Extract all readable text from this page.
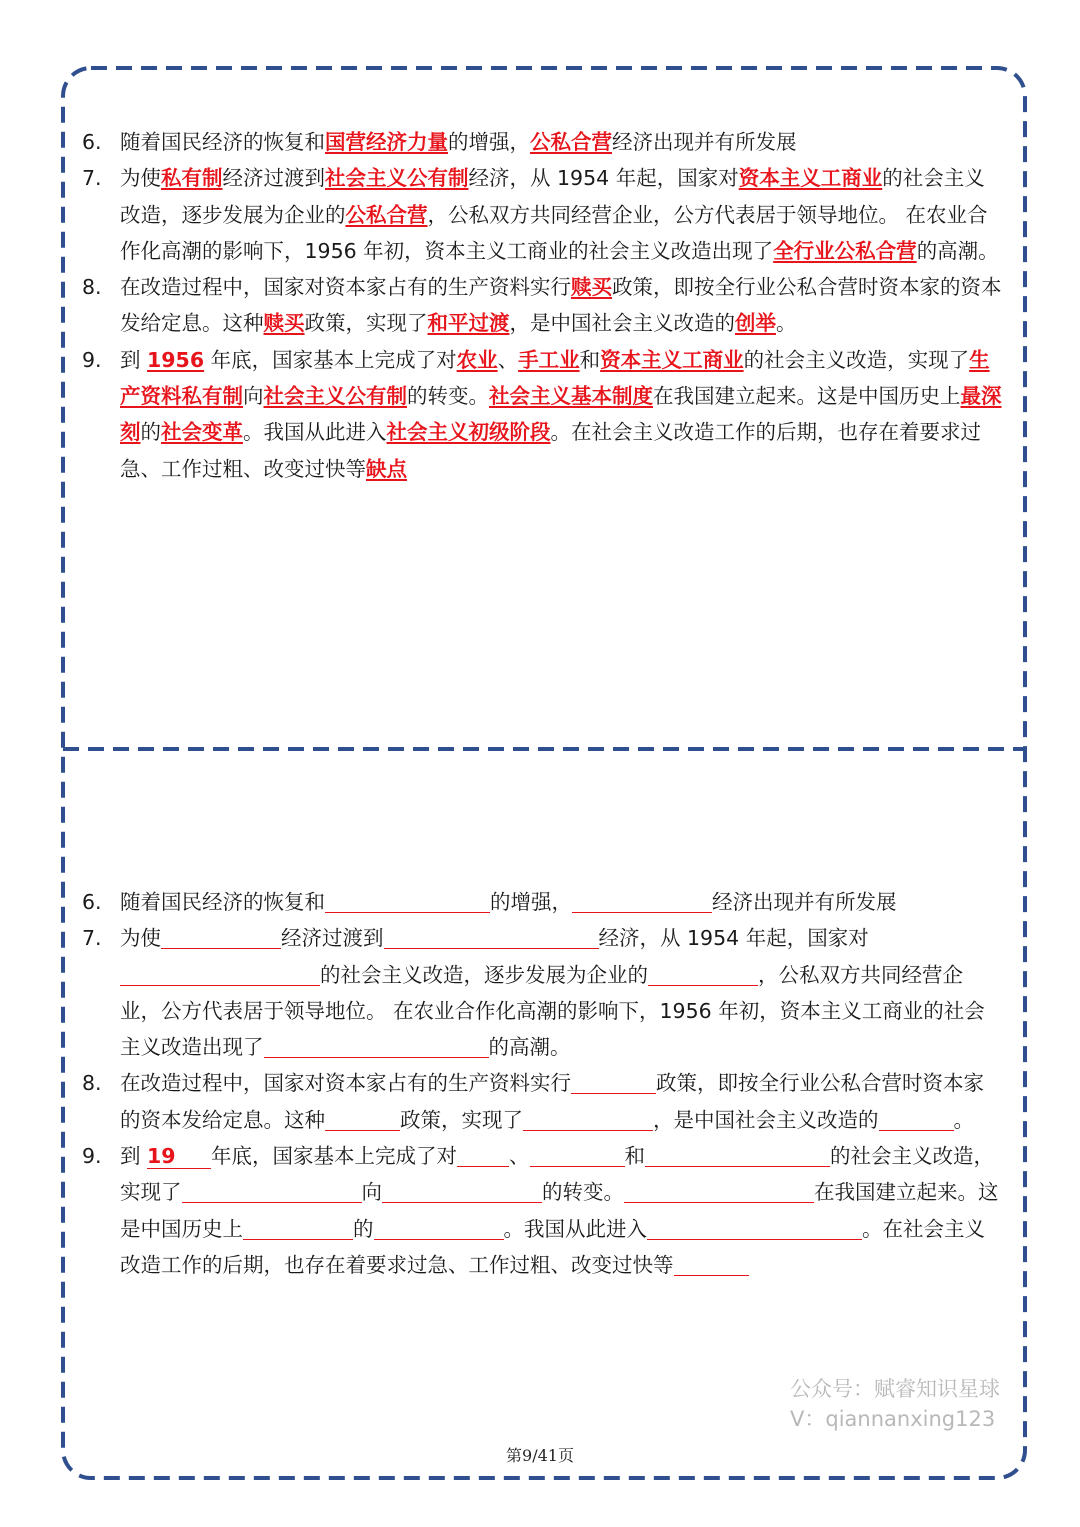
6. 随着国民经济的恢复和国营经济力量的增强，公私合营经济出现并有所发展
7. 为使私有制经济过渡到社会主义公有制经济，从 1954 年起，国家对资本主义工商业的社会主义改造，逐步发展为企业的公私合营，公私双方共同经营企业，公方代表居于领导地位。 在农业合作化高潮的影响下，1956 年初，资本主义工商业的社会主义改造出现了全行业公私合营的高潮。
8. 在改造过程中，国家对资本家占有的生产资料实行赎买政策，即按全行业公私合营时资本家的资本发给定息。这种赎买政策，实现了和平过渡，是中国社会主义改造的创举。
9. 到 1956 年底，国家基本上完成了对农业、手工业和资本主义工商业的社会主义改造，实现了生产资料私有制向社会主义公有制的转变。社会主义基本制度在我国建立起来。这是中国历史上最深刻的社会变革。我国从此进入社会主义初级阶段。在社会主义改造工作的后期，也存在着要求过急、工作过粗、改变过快等缺点
6. 随着国民经济的恢复和	的增强，	经济出现并有所发展
7. 为使	经济过渡到	经济，从 1954 年起，国家对的社会主义改造，逐步发展为企业的	，公私双方共同经营企业，公方代表居于领导地位。 在农业合作化高潮的影响下，1956 年初，资本主义工商业的社会主义改造出现了	的高潮。
8. 在改造过程中，国家对资本家占有的生产资料实行	政策，即按全行业公私合营时资本家的资本发给定息。这种	政策，实现了	，是中国社会主义改造的	。
9. 到 19 年底，国家基本上完成了对	、	和	的社会主义改造，实现了	向	的转变。	在我国建立起来。这是中国历史上	的	。我国从此进入	。在社会主义改造工作的后期，也存在着要求过急、工作过粗、改变过快等
公众号：赋睿知识星球
V：qiannanxing123
第9/41页
